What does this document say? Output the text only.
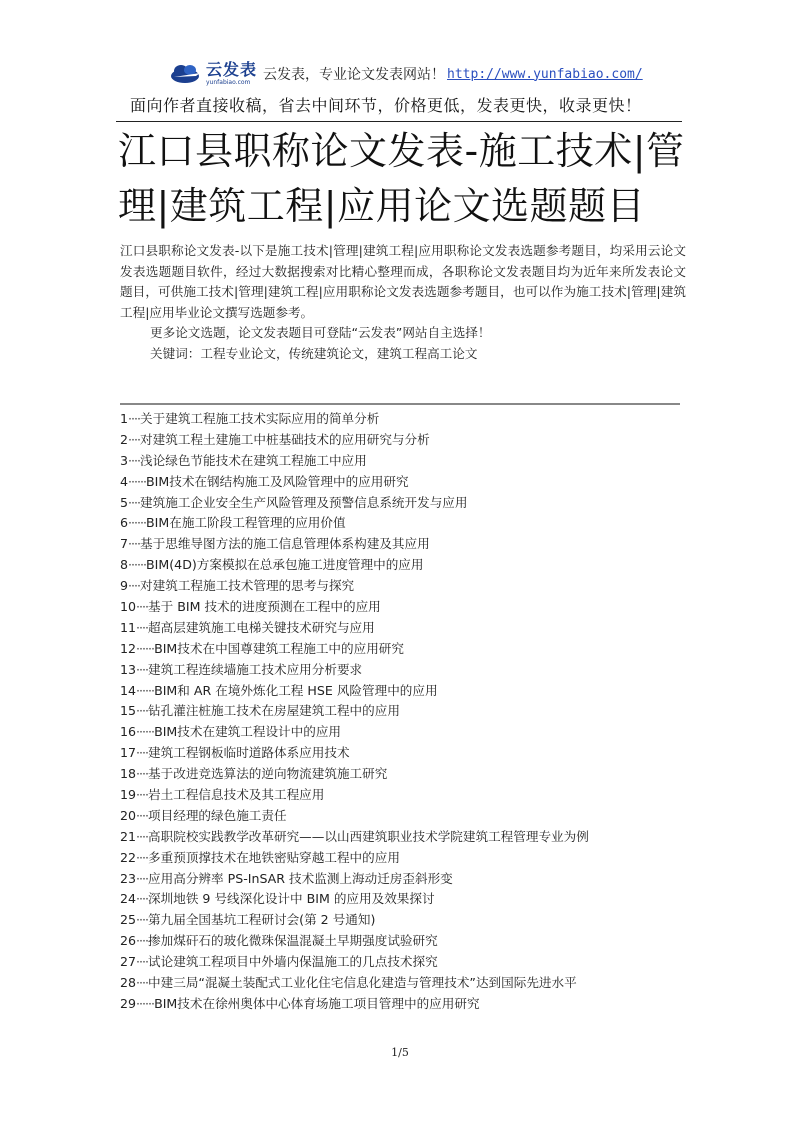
云发表
yunfabiao.com 云发表，专业论文发表网站！ http://www.yunfabiao.com/
面向作者直接收稿，省去中间环节，价格更低，发表更快，收录更快！
江口县职称论文发表-施工技术|管理|建筑工程|应用论文选题题目

江口县职称论文发表-以下是施工技术|管理|建筑工程|应用职称论文发表选题参考题目，均采用云论文发表选题题目软件，经过大数据搜索对比精心整理而成，各职称论文发表题目均为近年来所发表论文题目，可供施工技术|管理|建筑工程|应用职称论文发表选题参考题目，也可以作为施工技术|管理|建筑工程|应用毕业论文撰写选题参考。

更多论文选题，论文发表题目可登陆“云发表”网站自主选择！

关键词：工程专业论文，传统建筑论文，建筑工程高工论文

1····关于建筑工程施工技术实际应用的简单分析
2····对建筑工程土建施工中桩基础技术的应用研究与分析
3····浅论绿色节能技术在建筑工程施工中应用
4······BIM技术在钢结构施工及风险管理中的应用研究
5····建筑施工企业安全生产风险管理及预警信息系统开发与应用
6······BIM在施工阶段工程管理的应用价值
7····基于思维导图方法的施工信息管理体系构建及其应用
8······BIM(4D)方案模拟在总承包施工进度管理中的应用
9····对建筑工程施工技术管理的思考与探究
10····基于 BIM 技术的进度预测在工程中的应用
11····超高层建筑施工电梯关键技术研究与应用
12······BIM技术在中国尊建筑工程施工中的应用研究
13····建筑工程连续墙施工技术应用分析要求
14······BIM和 AR 在境外炼化工程 HSE 风险管理中的应用
15····钻孔灌注桩施工技术在房屋建筑工程中的应用
16······BIM技术在建筑工程设计中的应用
17····建筑工程钢板临时道路体系应用技术
18····基于改进竞选算法的逆向物流建筑施工研究
19····岩土工程信息技术及其工程应用
20····项目经理的绿色施工责任
21····高职院校实践教学改革研究——以山西建筑职业技术学院建筑工程管理专业为例
22····多重预顶撑技术在地铁密贴穿越工程中的应用
23····应用高分辨率 PS-InSAR 技术监测上海动迁房歪斜形变
24····深圳地铁 9 号线深化设计中 BIM 的应用及效果探讨
25····第九届全国基坑工程研讨会(第 2 号通知)
26····掺加煤矸石的玻化微珠保温混凝土早期强度试验研究
27····试论建筑工程项目中外墙内保温施工的几点技术探究
28····中建三局“混凝土装配式工业化住宅信息化建造与管理技术”达到国际先进水平
29······BIM技术在徐州奥体中心体育场施工项目管理中的应用研究
1/5
